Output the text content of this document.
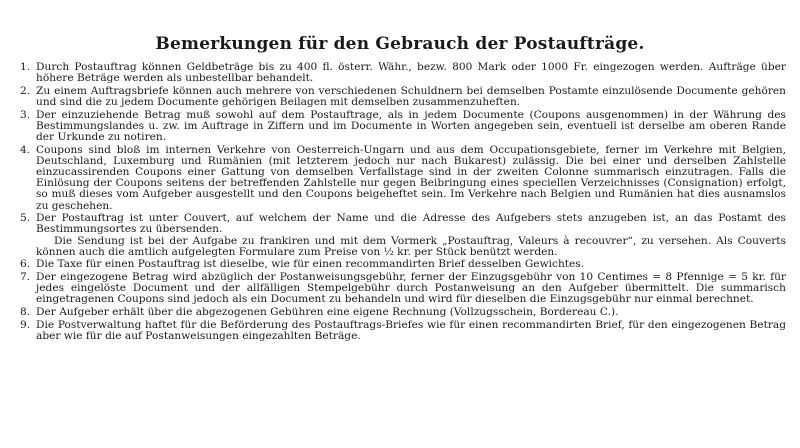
Bemerkungen für den Gebrauch der Postaufträge.
1. Durch Postauftrag können Geldbeträge bis zu 400 fl. österr. Währ., bezw. 800 Mark oder 1000 Fr. eingezogen werden. Aufträge über höhere Beträge werden als unbestellbar behandelt.

2. Zu einem Auftragsbriefe können auch mehrere von verschiedenen Schuldnern bei demselben Postamte einzulösende Documente gehören und sind die zu jedem Documente gehörigen Beilagen mit demselben zusammenzuheften.

3. Der einzuziehende Betrag muß sowohl auf dem Postauftrage, als in jedem Documente (Coupons ausgenommen) in der Währung des Bestimmungslandes u. zw. im Auftrage in Ziffern und im Documente in Worten angegeben sein, eventuell ist derselbe am oberen Rande der Urkunde zu notiren.

4. Coupons sind bloß im internen Verkehre von Oesterreich-Ungarn und aus dem Occupationsgebiete, ferner im Verkehre mit Belgien, Deutschland, Luxemburg und Rumänien (mit letzterem jedoch nur nach Bukarest) zulässig. Die bei einer und derselben Zahlstelle einzucassirenden Coupons einer Gattung von demselben Verfallstage sind in der zweiten Colonne summarisch einzutragen. Falls die Einlösung der Coupons seitens der betreffenden Zahlstelle nur gegen Beibringung eines speciellen Verzeichnisses (Consignation) erfolgt, so muß dieses vom Aufgeber ausgestellt und den Coupons beigeheftet sein. Im Verkehre nach Belgien und Rumänien hat dies ausnamslos zu geschehen.

5. Der Postauftrag ist unter Couvert, auf welchem der Name und die Adresse des Aufgebers stets anzugeben ist, an das Postamt des Bestimmungsortes zu übersenden.

Die Sendung ist bei der Aufgabe zu frankiren und mit dem Vormerk „Postauftrag, Valeurs à recouvrer“, zu versehen. Als Couverts können auch die amtlich aufgelegten Formulare zum Preise von ½ kr. per Stück benützt werden.

6. Die Taxe für einen Postauftrag ist dieselbe, wie für einen recommandirten Brief desselben Gewichtes.

7. Der eingezogene Betrag wird abzüglich der Postanweisungsgebühr, ferner der Einzugsgebühr von 10 Centimes = 8 Pfennige = 5 kr. für jedes eingelöste Document und der allfälligen Stempelgebühr durch Postanweisung an den Aufgeber übermittelt. Die summarisch eingetragenen Coupons sind jedoch als ein Document zu behandeln und wird für dieselben die Einzugsgebühr nur einmal berechnet.

8. Der Aufgeber erhält über die abgezogenen Gebühren eine eigene Rechnung (Vollzugsschein, Bordereau C.).

9. Die Postverwaltung haftet für die Beförderung des Postauftrags-Briefes wie für einen recommandirten Brief, für den eingezogenen Betrag aber wie für die auf Postanweisungen eingezahlten Beträge.
